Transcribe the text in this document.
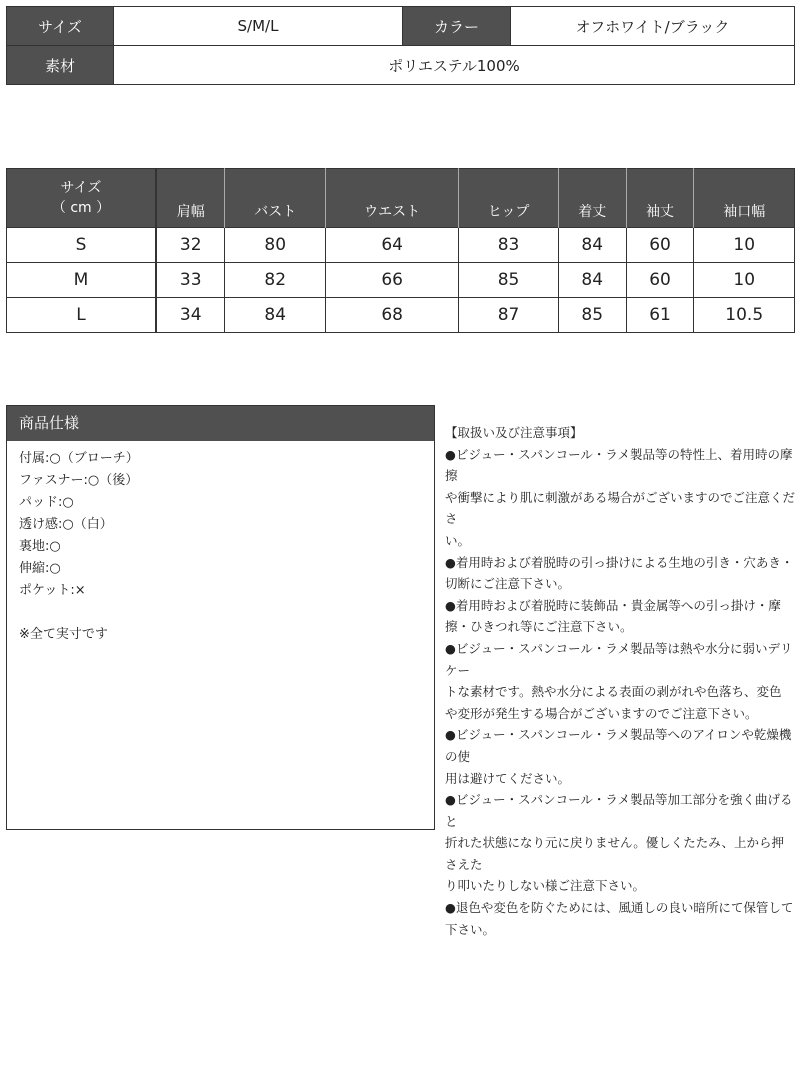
サイズ	S/M/L	カラー	オフホワイト/ブラック
素材	ポリエステル100%		
サイズ
（ cm ）	肩幅	バスト	ウエスト	ヒップ	着丈	袖丈	袖口幅
S	32	80	64	83	84	60	10
M	33	82	66	85	84	60	10
L	34	84	68	87	85	61	10.5
商品仕様
付属:○（ブローチ）
ファスナー:○（後）
パッド:○
透け感:○（白）
裏地:○
伸縮:○
ポケット:×
※全て実寸です

【取扱い及び注意事項】

●ビジュー・スパンコール・ラメ製品等の特性上、着用時の摩擦

や衝撃により肌に刺激がある場合がございますのでご注意くださ

い。

●着用時および着脱時の引っ掛けによる生地の引き・穴あき・

切断にご注意下さい。

●着用時および着脱時に装飾品・貴金属等への引っ掛け・摩

擦・ひきつれ等にご注意下さい。

●ビジュー・スパンコール・ラメ製品等は熱や水分に弱いデリケー

トな素材です。熱や水分による表面の剥がれや色落ち、変色

や変形が発生する場合がございますのでご注意下さい。

●ビジュー・スパンコール・ラメ製品等へのアイロンや乾燥機の使

用は避けてください。

●ビジュー・スパンコール・ラメ製品等加工部分を強く曲げると

折れた状態になり元に戻りません。優しくたたみ、上から押さえた

り叩いたりしない様ご注意下さい。

●退色や変色を防ぐためには、風通しの良い暗所にて保管して

下さい。
